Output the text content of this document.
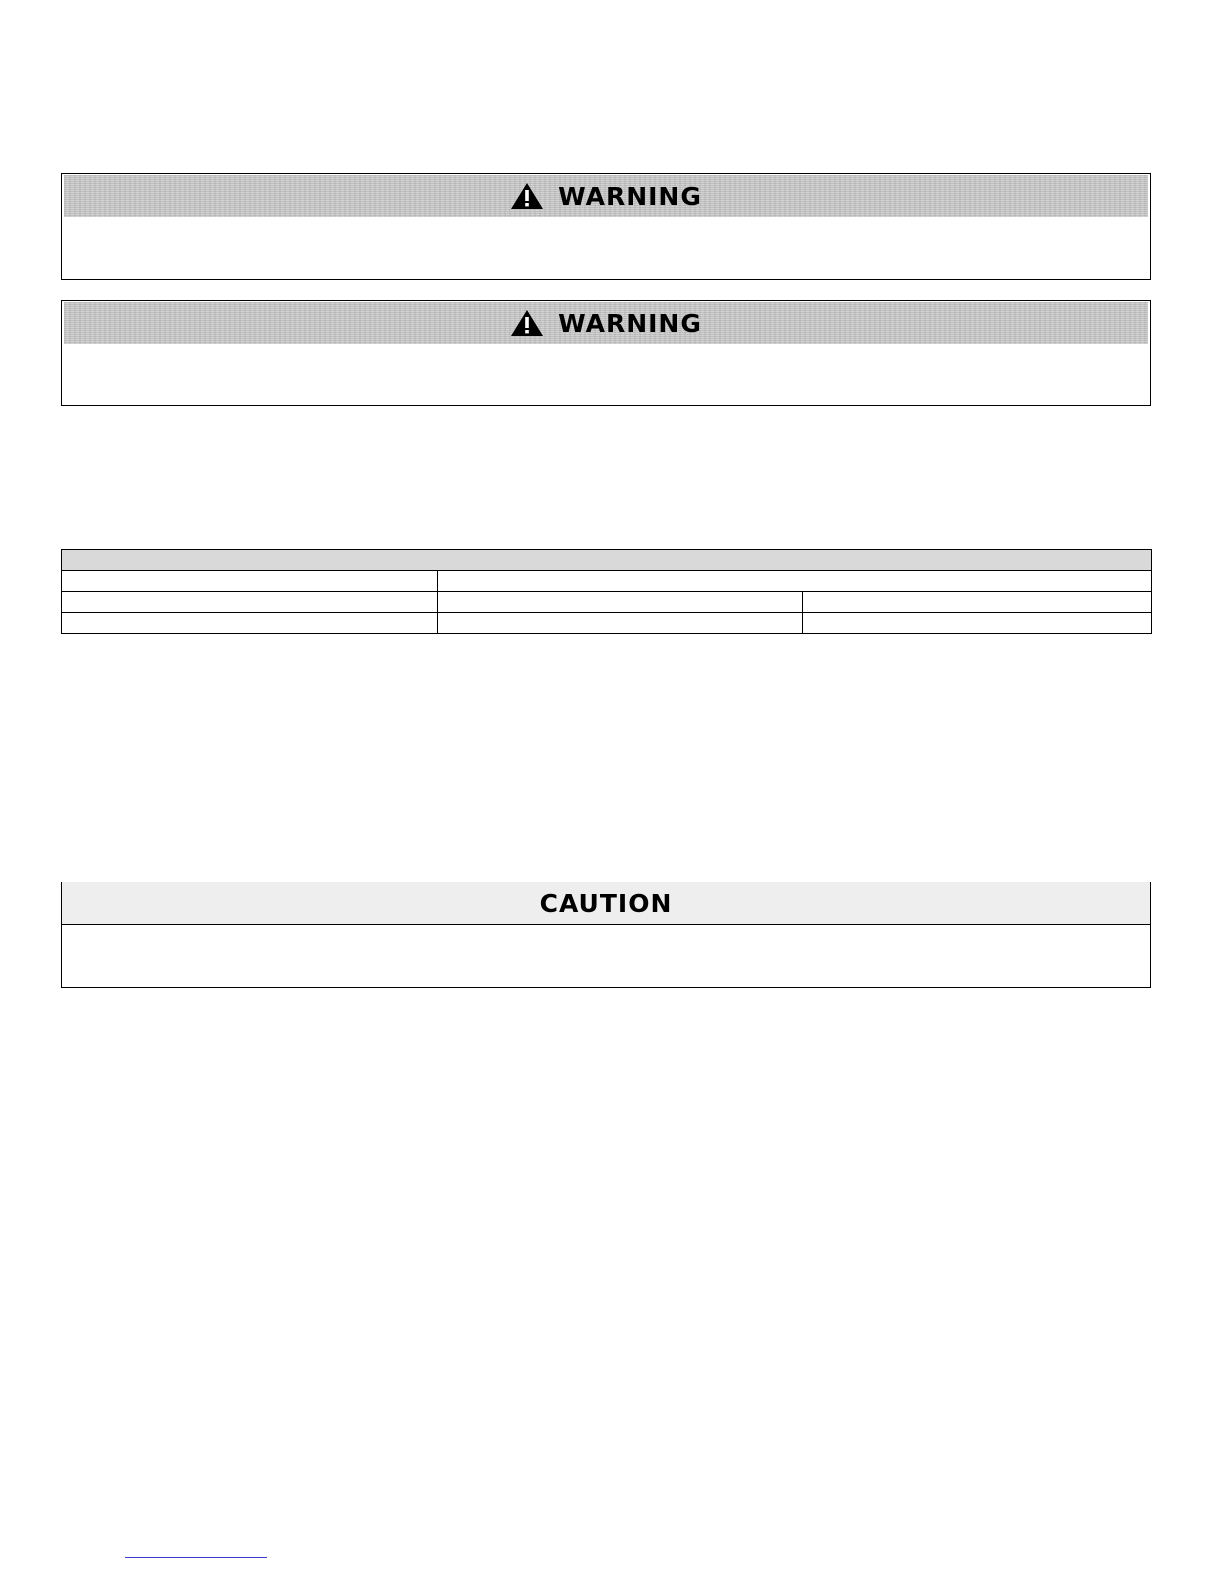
WARNING
WARNING

CAUTION
